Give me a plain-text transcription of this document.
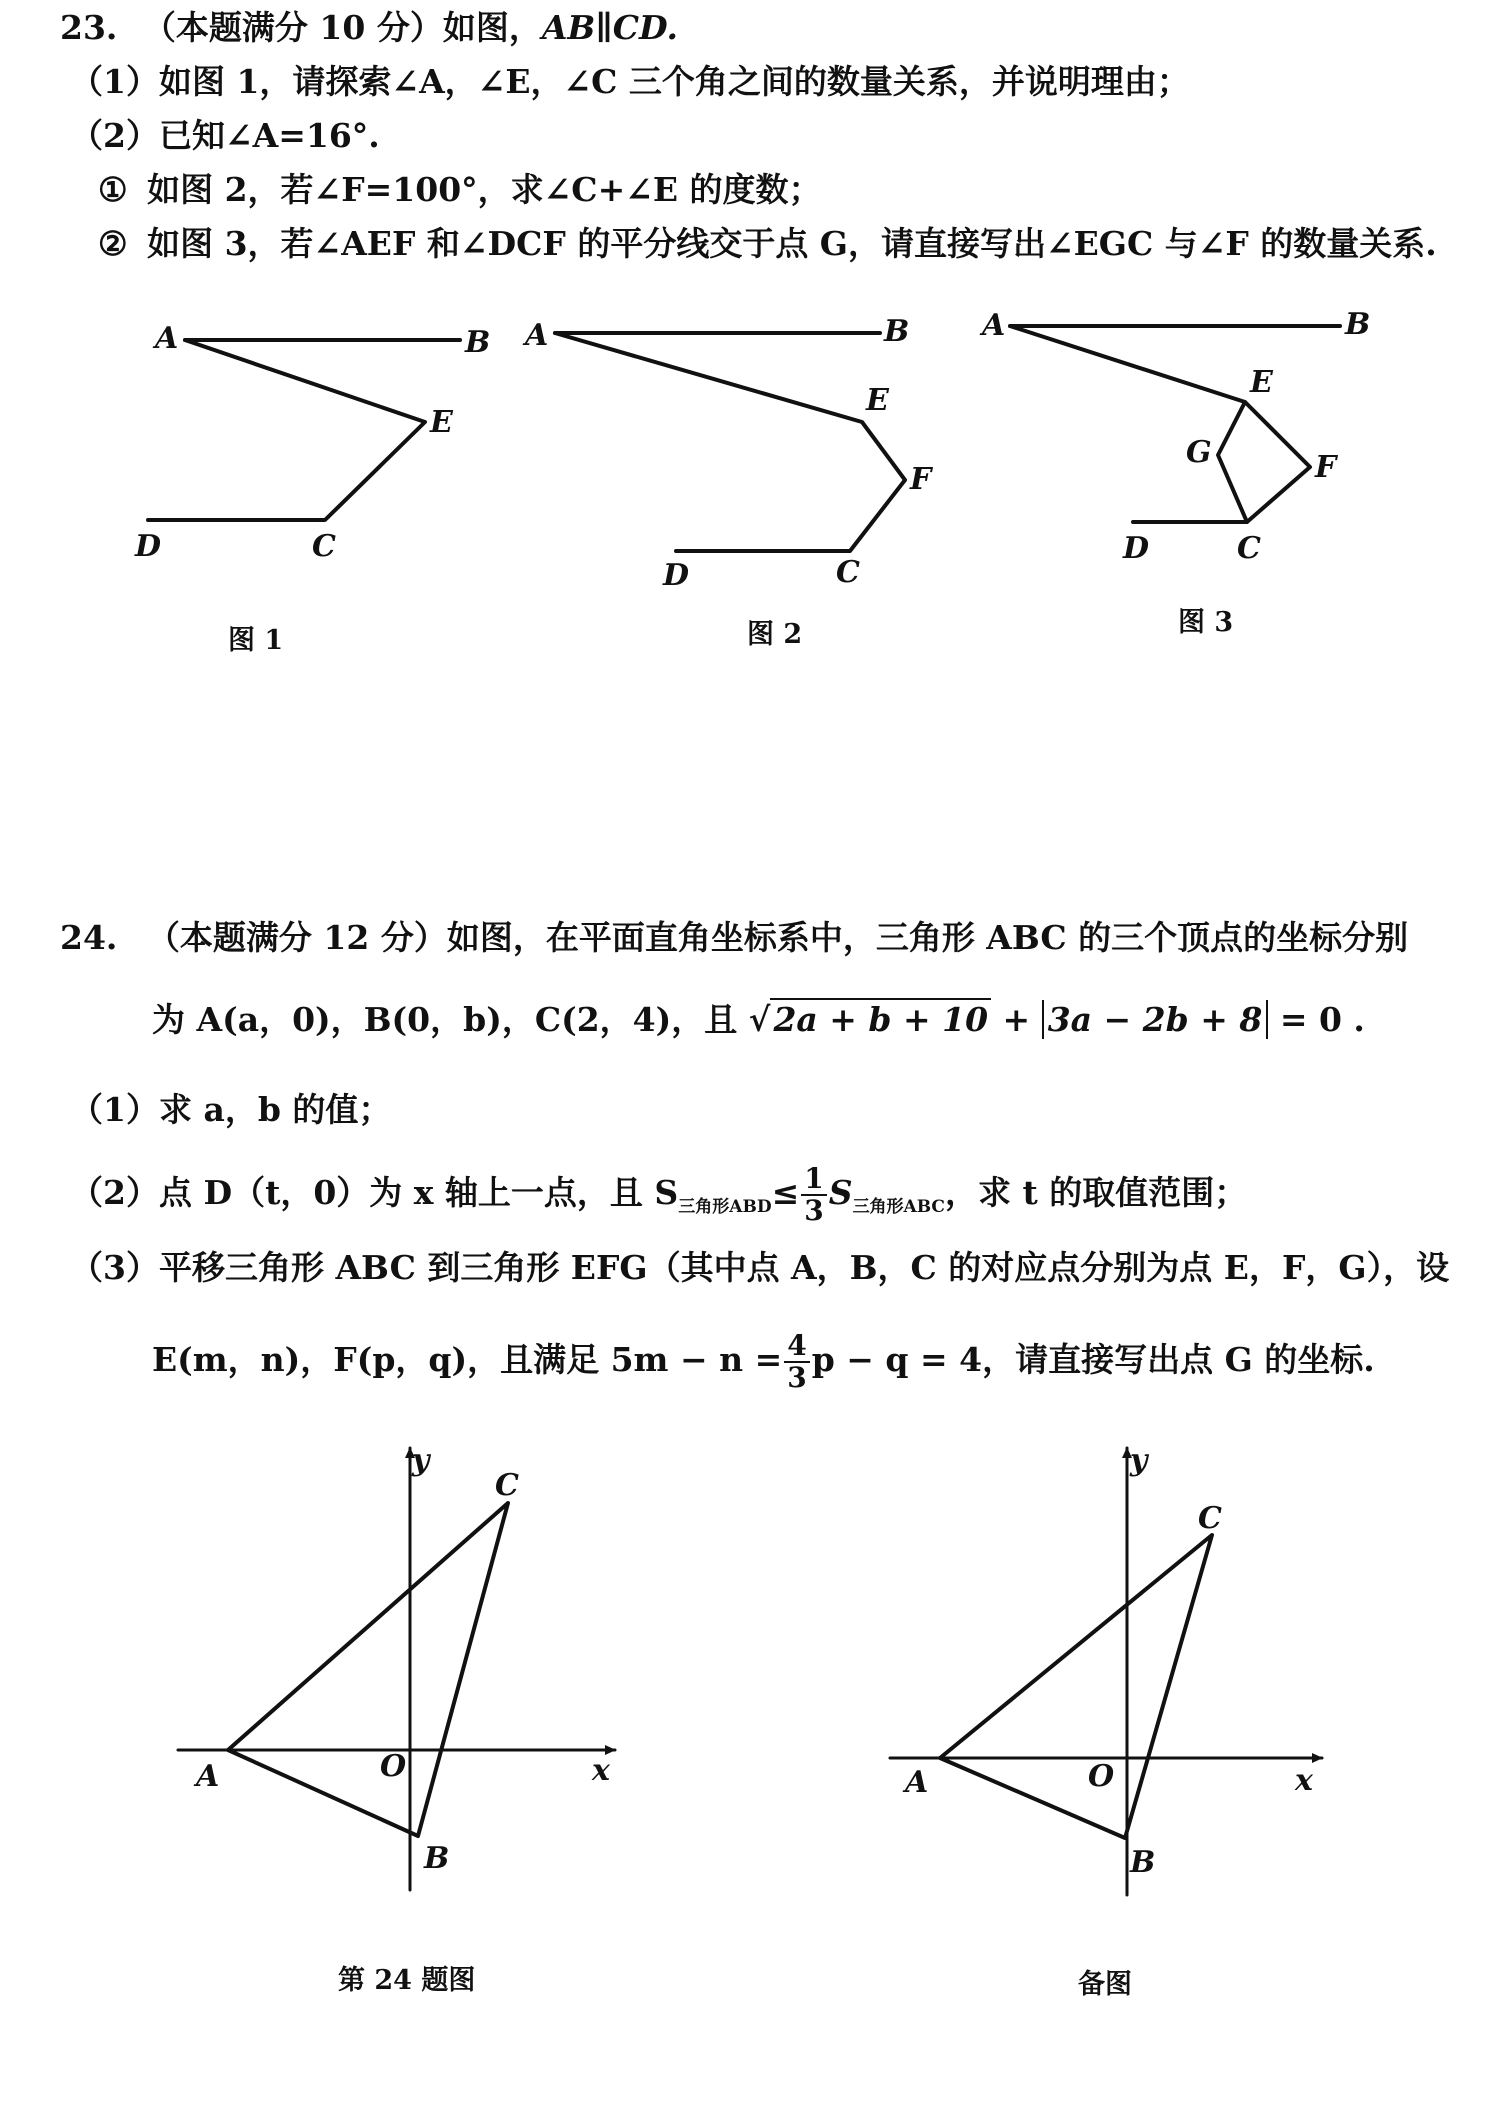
23. （本题满分 10 分）如图，AB∥CD.
（1）如图 1，请探索∠A，∠E，∠C 三个角之间的数量关系，并说明理由；
（2）已知∠A=16°.
① 如图 2，若∠F=100°，求∠C+∠E 的度数；
② 如图 3，若∠AEF 和∠DCF 的平分线交于点 G，请直接写出∠EGC 与∠F 的数量关系.
A	B
E
C
D
A	B
E
F
C
D
A	B
E
G	F
C
D
图 1	图 2	图 3
24. （本题满分 12 分）如图，在平面直角坐标系中，三角形 ABC 的三个顶点的坐标分别
为 A(a，0)，B(0，b)，C(2，4)，且 √2a + b + 10 + 3a − 2b + 8 = 0 .
（1）求 a，b 的值；
（2）点 D（t，0）为 x 轴上一点，且 $S_{三角形ABD}\le \frac{1}{3} S_{三角形ABC}$，求 t 的取值范围；
（3）平移三角形 ABC 到三角形 EFG（其中点 A，B，C 的对应点分别为点 E，F，G），设
E(m，n)，F(p，q)，且满足 $5m - n = \frac{4}{3}$ p − q = 4，请直接写出点 G 的坐标.
y
C
A	O	x
B
y
C
A	O	x
B
第 24 题图	备图
